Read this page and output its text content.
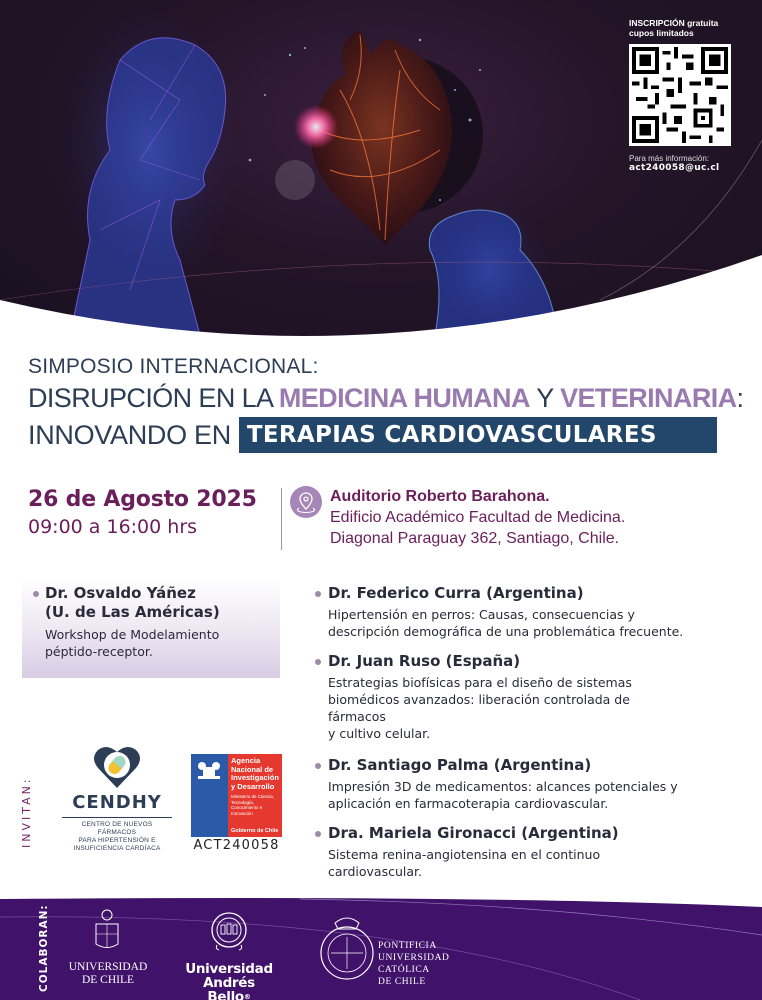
INSCRIPCIÓN gratuita
cupos limitados
Para más información:
act240058@uc.cl
SIMPOSIO INTERNACIONAL:
DISRUPCIÓN EN LA MEDICINA HUMANA Y VETERINARIA:
INNOVANDO EN TERAPIAS CARDIOVASCULARES
26 de Agosto 2025
09:00 a 16:00 hrs
Auditorio Roberto Barahona.
Edificio Académico Facultad de Medicina.
Diagonal Paraguay 362, Santiago, Chile.
Dr. Osvaldo Yáñez
(U. de Las Américas)
Workshop de Modelamiento
péptido-receptor.
Dr. Federico Curra (Argentina)
Hipertensión en perros: Causas, consecuencias y
descripción demográfica de una problemática frecuente.
Dr. Juan Ruso (España)
Estrategias biofísicas para el diseño de sistemas
biomédicos avanzados: liberación controlada de
fármacos
y cultivo celular.
Dr. Santiago Palma (Argentina)
Impresión 3D de medicamentos: alcances potenciales y
aplicación en farmacoterapia cardiovascular.
Dra. Mariela Gironacci (Argentina)
Sistema renina-angiotensina en el continuo
cardiovascular.
INVITAN:	CENDHY
CENTRO DE NUEVOS FÁRMACOS
PARA HIPERTENSIÓN E
INSUFICIENCIA CARDÍACA
Agencia
Nacional de
Investigación
y Desarrollo
Ministerio de Ciencia, Tecnología, Conocimiento e Innovación
Gobierno de Chile
ACT240058
COLABORAN:	UNIVERSIDAD
DE CHILE
Universidad
Andrés Bello®
PONTIFICIA
UNIVERSIDAD
CATÓLICA
DE CHILE
